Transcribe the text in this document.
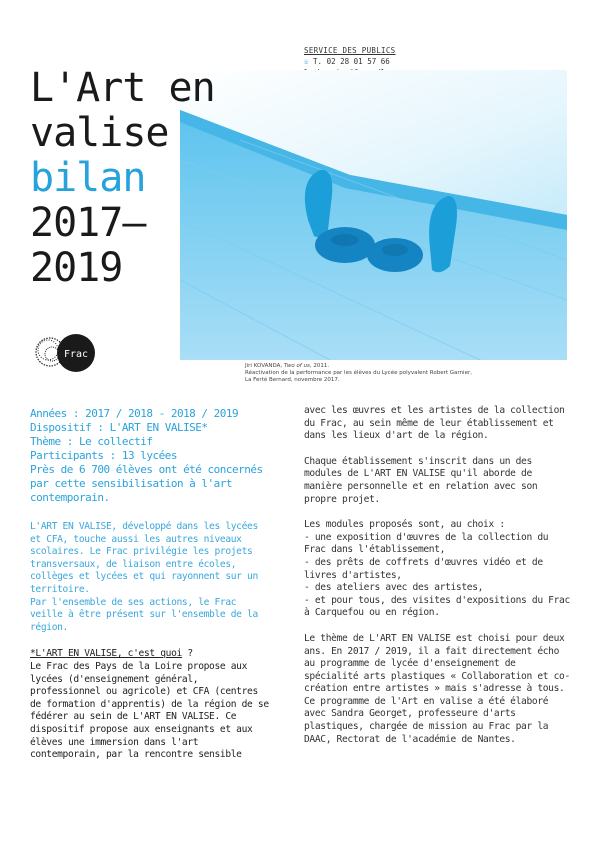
SERVICE DES PUBLICS
☏ T. 02 28 01 57 66
L'Art en
valise
bilan
2017–
2019
Frac
Jiri KOVANDA, Two of us, 2011.
Réactivation de la performance par les élèves du Lycée polyvalent Robert Garnier,
La Ferté Bernard, novembre 2017.
Années : 2017 / 2018 - 2018 / 2019
Dispositif : L'ART EN VALISE*
Thème : Le collectif
Participants : 13 lycées
Près de 6 700 élèves ont été concernés par cette sensibilisation à l'art contemporain.
L'ART EN VALISE, développé dans les lycées et CFA, touche aussi les autres niveaux scolaires. Le Frac privilégie les projets transversaux, de liaison entre écoles, collèges et lycées et qui rayonnent sur un territoire.
Par l'ensemble de ses actions, le Frac veille à être présent sur l'ensemble de la région.
*L'ART EN VALISE, c'est quoi ?
Le Frac des Pays de la Loire propose aux lycées (d'enseignement général, professionnel ou agricole) et CFA (centres de formation d'apprentis) de la région de se fédérer au sein de L'ART EN VALISE. Ce dispositif propose aux enseignants et aux élèves une immersion dans l'art contemporain, par la rencontre sensible

avec les œuvres et les artistes de la collection du Frac, au sein même de leur établissement et dans les lieux d'art de la région.

Chaque établissement s'inscrit dans un des modules de L'ART EN VALISE qu'il aborde de manière personnelle et en relation avec son propre projet.

Les modules proposés sont, au choix :
- une exposition d'œuvres de la collection du Frac dans l'établissement,
- des prêts de coffrets d'œuvres vidéo et de livres d'artistes,
- des ateliers avec des artistes,
- et pour tous, des visites d'expositions du Frac à Carquefou ou en région.

Le thème de L'ART EN VALISE est choisi pour deux ans. En 2017 / 2019, il a fait directement écho au programme de lycée d'enseignement de spécialité arts plastiques « Collaboration et co-création entre artistes » mais s'adresse à tous. Ce programme de l'Art en valise a été élaboré avec Sandra Georget, professeure d'arts plastiques, chargée de mission au Frac par la DAAC, Rectorat de l'académie de Nantes.
